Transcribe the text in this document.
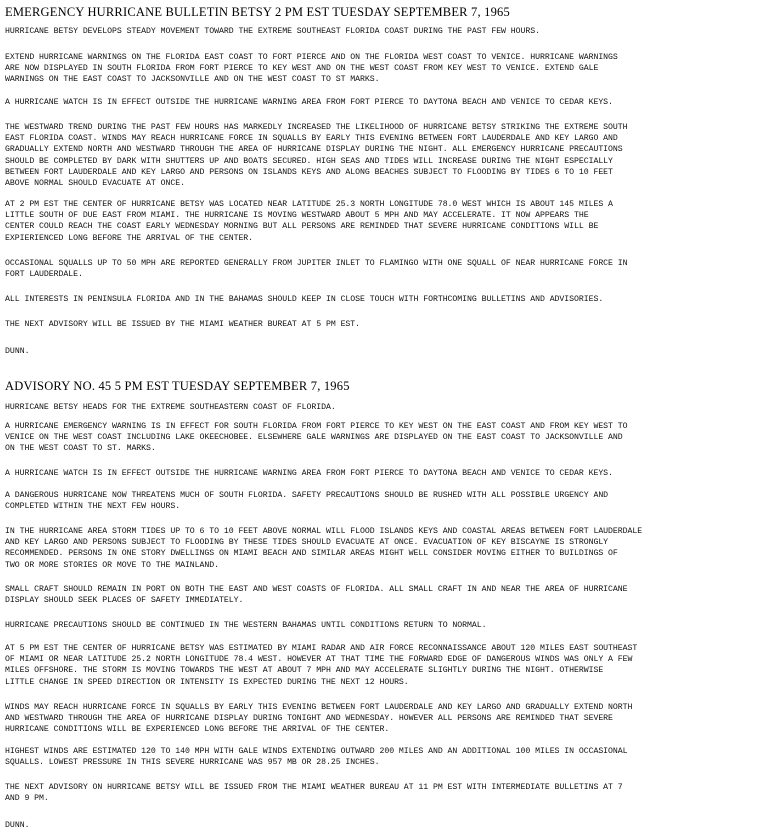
EMERGENCY HURRICANE BULLETIN BETSY 2 PM EST TUESDAY SEPTEMBER 7, 1965
HURRICANE BETSY DEVELOPS STEADY MOVEMENT TOWARD THE EXTREME SOUTHEAST FLORIDA COAST DURING THE PAST FEW HOURS.
EXTEND HURRICANE WARNINGS ON THE FLORIDA EAST COAST TO FORT PIERCE AND ON THE FLORIDA WEST COAST TO VENICE. HURRICANE WARNINGS
ARE NOW DISPLAYED IN SOUTH FLORIDA FROM FORT PIERCE TO KEY WEST AND ON THE WEST COAST FROM KEY WEST TO VENICE. EXTEND GALE
WARNINGS ON THE EAST COAST TO JACKSONVILLE AND ON THE WEST COAST TO ST MARKS.
A HURRICANE WATCH IS IN EFFECT OUTSIDE THE HURRICANE WARNING AREA FROM FORT PIERCE TO DAYTONA BEACH AND VENICE TO CEDAR KEYS.
THE WESTWARD TREND DURING THE PAST FEW HOURS HAS MARKEDLY INCREASED THE LIKELIHOOD OF HURRICANE BETSY STRIKING THE EXTREME SOUTH
EAST FLORIDA COAST. WINDS MAY REACH HURRICANE FORCE IN SQUALLS BY EARLY THIS EVENING BETWEEN FORT LAUDERDALE AND KEY LARGO AND
GRADUALLY EXTEND NORTH AND WESTWARD THROUGH THE AREA OF HURRICANE DISPLAY DURING THE NIGHT. ALL EMERGENCY HURRICANE PRECAUTIONS
SHOULD BE COMPLETED BY DARK WITH SHUTTERS UP AND BOATS SECURED. HIGH SEAS AND TIDES WILL INCREASE DURING THE NIGHT ESPECIALLY
BETWEEN FORT LAUDERDALE AND KEY LARGO AND PERSONS ON ISLANDS KEYS AND ALONG BEACHES SUBJECT TO FLOODING BY TIDES 6 TO 10 FEET
ABOVE NORMAL SHOULD EVACUATE AT ONCE.
AT 2 PM EST THE CENTER OF HURRICANE BETSY WAS LOCATED NEAR LATITUDE 25.3 NORTH LONGITUDE 78.0 WEST WHICH IS ABOUT 145 MILES A
LITTLE SOUTH OF DUE EAST FROM MIAMI. THE HURRICANE IS MOVING WESTWARD ABOUT 5 MPH AND MAY ACCELERATE. IT NOW APPEARS THE
CENTER COULD REACH THE COAST EARLY WEDNESDAY MORNING BUT ALL PERSONS ARE REMINDED THAT SEVERE HURRICANE CONDITIONS WILL BE
EXPIERIENCED LONG BEFORE THE ARRIVAL OF THE CENTER.
OCCASIONAL SQUALLS UP TO 50 MPH ARE REPORTED GENERALLY FROM JUPITER INLET TO FLAMINGO WITH ONE SQUALL OF NEAR HURRICANE FORCE IN
FORT LAUDERDALE.
ALL INTERESTS IN PENINSULA FLORIDA AND IN THE BAHAMAS SHOULD KEEP IN CLOSE TOUCH WITH FORTHCOMING BULLETINS AND ADVISORIES.
THE NEXT ADVISORY WILL BE ISSUED BY THE MIAMI WEATHER BUREAT AT 5 PM EST.
DUNN.
ADVISORY NO. 45 5 PM EST TUESDAY SEPTEMBER 7, 1965
HURRICANE BETSY HEADS FOR THE EXTREME SOUTHEASTERN COAST OF FLORIDA.
A HURRICANE EMERGENCY WARNING IS IN EFFECT FOR SOUTH FLORIDA FROM FORT PIERCE TO KEY WEST ON THE EAST COAST AND FROM KEY WEST TO
VENICE ON THE WEST COAST INCLUDING LAKE OKEECHOBEE. ELSEWHERE GALE WARNINGS ARE DISPLAYED ON THE EAST COAST TO JACKSONVILLE AND
ON THE WEST COAST TO ST. MARKS.
A HURRICANE WATCH IS IN EFFECT OUTSIDE THE HURRICANE WARNING AREA FROM FORT PIERCE TO DAYTONA BEACH AND VENICE TO CEDAR KEYS.
A DANGEROUS HURRICANE NOW THREATENS MUCH OF SOUTH FLORIDA. SAFETY PRECAUTIONS SHOULD BE RUSHED WITH ALL POSSIBLE URGENCY AND
COMPLETED WITHIN THE NEXT FEW HOURS.
IN THE HURRICANE AREA STORM TIDES UP TO 6 TO 10 FEET ABOVE NORMAL WILL FLOOD ISLANDS KEYS AND COASTAL AREAS BETWEEN FORT LAUDERDALE
AND KEY LARGO AND PERSONS SUBJECT TO FLOODING BY THESE TIDES SHOULD EVACUATE AT ONCE. EVACUATION OF KEY BISCAYNE IS STRONGLY
RECOMMENDED. PERSONS IN ONE STORY DWELLINGS ON MIAMI BEACH AND SIMILAR AREAS MIGHT WELL CONSIDER MOVING EITHER TO BUILDINGS OF
TWO OR MORE STORIES OR MOVE TO THE MAINLAND.
SMALL CRAFT SHOULD REMAIN IN PORT ON BOTH THE EAST AND WEST COASTS OF FLORIDA. ALL SMALL CRAFT IN AND NEAR THE AREA OF HURRICANE
DISPLAY SHOULD SEEK PLACES OF SAFETY IMMEDIATELY.
HURRICANE PRECAUTIONS SHOULD BE CONTINUED IN THE WESTERN BAHAMAS UNTIL CONDITIONS RETURN TO NORMAL.
AT 5 PM EST THE CENTER OF HURRICANE BETSY WAS ESTIMATED BY MIAMI RADAR AND AIR FORCE RECONNAISSANCE ABOUT 120 MILES EAST SOUTHEAST
OF MIAMI OR NEAR LATITUDE 25.2 NORTH LONGITUDE 78.4 WEST. HOWEVER AT THAT TIME THE FORWARD EDGE OF DANGEROUS WINDS WAS ONLY A FEW
MILES OFFSHORE. THE STORM IS MOVING TOWARDS THE WEST AT ABOUT 7 MPH AND MAY ACCELERATE SLIGHTLY DURING THE NIGHT. OTHERWISE
LITTLE CHANGE IN SPEED DIRECTION OR INTENSITY IS EXPECTED DURING THE NEXT 12 HOURS.
WINDS MAY REACH HURRICANE FORCE IN SQUALLS BY EARLY THIS EVENING BETWEEN FORT LAUDERDALE AND KEY LARGO AND GRADUALLY EXTEND NORTH
AND WESTWARD THROUGH THE AREA OF HURRICANE DISPLAY DURING TONIGHT AND WEDNESDAY. HOWEVER ALL PERSONS ARE REMINDED THAT SEVERE
HURRICANE CONDITIONS WILL BE EXPERIENCED LONG BEFORE THE ARRIVAL OF THE CENTER.
HIGHEST WINDS ARE ESTIMATED 120 TO 140 MPH WITH GALE WINDS EXTENDING OUTWARD 200 MILES AND AN ADDITIONAL 100 MILES IN OCCASIONAL
SQUALLS. LOWEST PRESSURE IN THIS SEVERE HURRICANE WAS 957 MB OR 28.25 INCHES.
THE NEXT ADVISORY ON HURRICANE BETSY WILL BE ISSUED FROM THE MIAMI WEATHER BUREAU AT 11 PM EST WITH INTERMEDIATE BULLETINS AT 7
AND 9 PM.
DUNN.
